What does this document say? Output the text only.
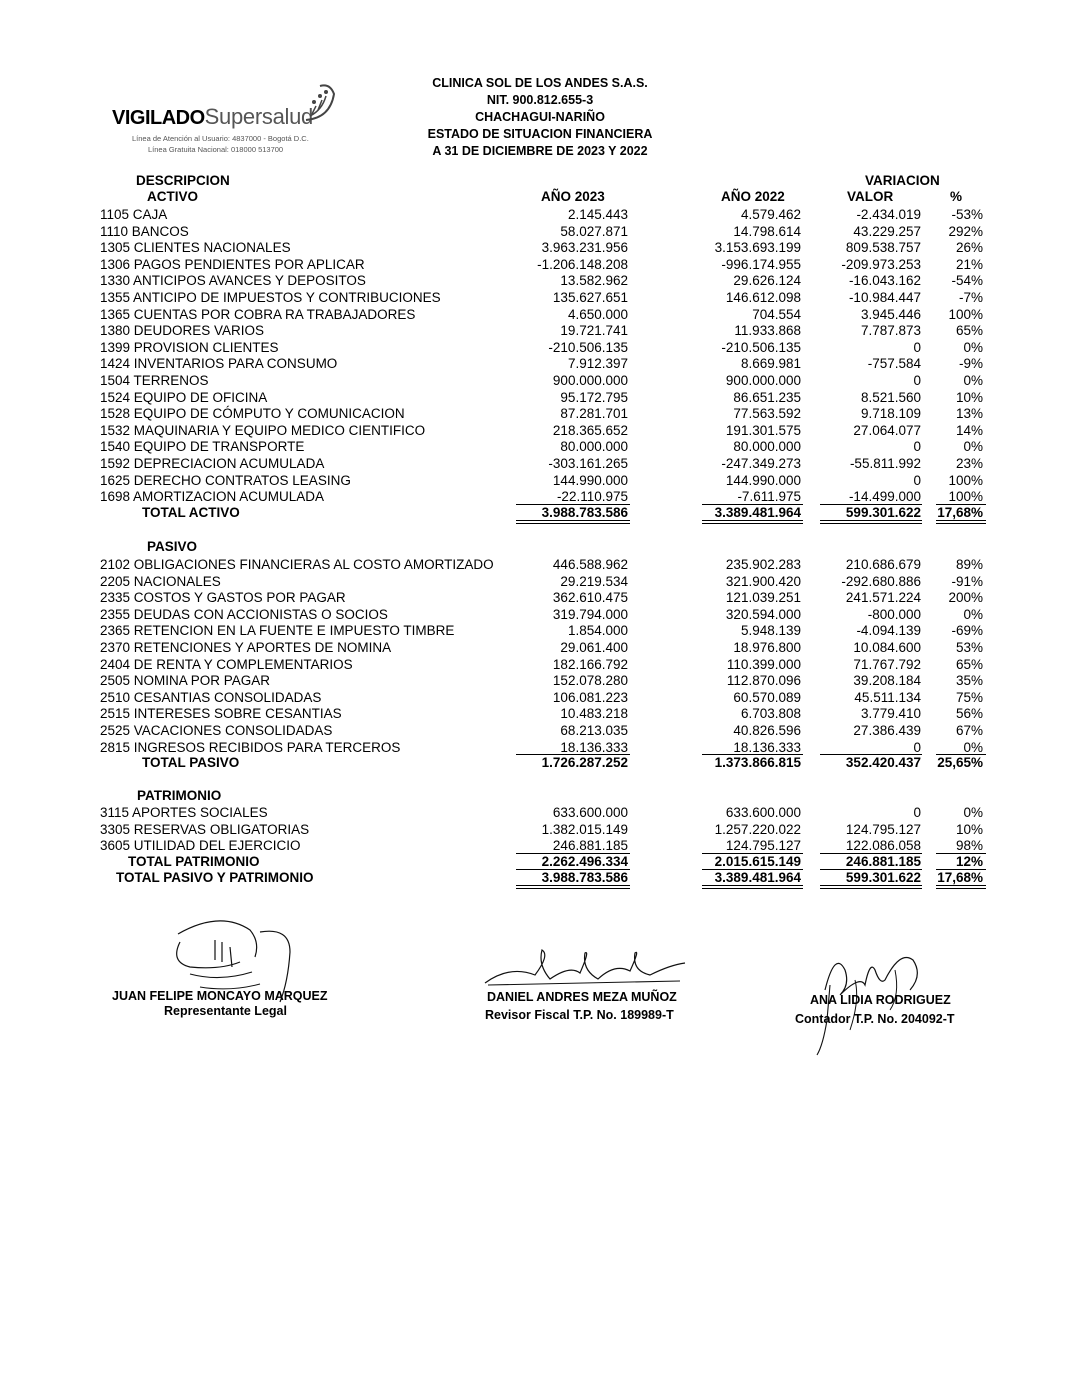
VIGILADOSupersalud
Línea de Atención al Usuario: 4837000 - Bogotá D.C.
Línea Gratuita Nacional: 018000 513700
CLINICA SOL DE LOS ANDES S.A.S.
NIT. 900.812.655-3
CHACHAGUI-NARIÑO
ESTADO DE SITUACION FINANCIERA
A 31 DE DICIEMBRE DE 2023 Y 2022
DESCRIPCION	VARIACION
ACTIVO	AÑO 2023	AÑO 2022	VALOR	%
1105 CAJA	2.145.443	4.579.462	-2.434.019 -53%
1110 BANCOS	58.027.871	14.798.614	43.229.257 292%
1305 CLIENTES NACIONALES	3.963.231.956	3.153.693.199	809.538.757	26%
1306 PAGOS PENDIENTES POR APLICAR	-1.206.148.208	-996.174.955	-209.973.253	21%
1330 ANTICIPOS AVANCES Y DEPOSITOS	13.582.962	29.626.124	-16.043.162 -54%
1355 ANTICIPO DE IMPUESTOS Y CONTRIBUCIONES	135.627.651	146.612.098	-10.984.447	-7%
1365 CUENTAS POR COBRA RA TRABAJADORES	4.650.000	704.554	3.945.446 100%
1380 DEUDORES VARIOS	19.721.741	11.933.868	7.787.873	65%
1399 PROVISION CLIENTES	-210.506.135	-210.506.135	0	0%
1424 INVENTARIOS PARA CONSUMO	7.912.397	8.669.981	-757.584	-9%
1504 TERRENOS	900.000.000	900.000.000	0	0%
1524 EQUIPO DE OFICINA	95.172.795	86.651.235	8.521.560	10%
1528 EQUIPO DE CÓMPUTO Y COMUNICACION	87.281.701	77.563.592	9.718.109	13%
1532 MAQUINARIA Y EQUIPO MEDICO CIENTIFICO	218.365.652	191.301.575	27.064.077	14%
1540 EQUIPO DE TRANSPORTE	80.000.000	80.000.000	0	0%
1592 DEPRECIACION ACUMULADA	-303.161.265	-247.349.273	-55.811.992	23%
1625 DERECHO CONTRATOS LEASING	144.990.000	144.990.000	0 100%
1698 AMORTIZACION ACUMULADA	-22.110.975	-7.611.975	-14.499.000 100%
TOTAL ACTIVO	3.988.783.586	3.389.481.964	599.301.622 17,68%
PASIVO
2102 OBLIGACIONES FINANCIERAS AL COSTO AMORTIZADO	446.588.962	235.902.283	210.686.679	89%
2205 NACIONALES	29.219.534	321.900.420	-292.680.886 -91%
2335 COSTOS Y GASTOS POR PAGAR	362.610.475	121.039.251	241.571.224 200%
2355 DEUDAS CON ACCIONISTAS O SOCIOS	319.794.000	320.594.000	-800.000	0%
2365 RETENCION EN LA FUENTE E IMPUESTO TIMBRE	1.854.000	5.948.139	-4.094.139 -69%
2370 RETENCIONES Y APORTES DE NOMINA	29.061.400	18.976.800	10.084.600	53%
2404 DE RENTA Y COMPLEMENTARIOS	182.166.792	110.399.000	71.767.792	65%
2505 NOMINA POR PAGAR	152.078.280	112.870.096	39.208.184	35%
2510 CESANTIAS CONSOLIDADAS	106.081.223	60.570.089	45.511.134	75%
2515 INTERESES SOBRE CESANTIAS	10.483.218	6.703.808	3.779.410	56%
2525 VACACIONES CONSOLIDADAS	68.213.035	40.826.596	27.386.439	67%
2815 INGRESOS RECIBIDOS PARA TERCEROS	18.136.333	18.136.333	0	0%
TOTAL PASIVO	1.726.287.252	1.373.866.815	352.420.437 25,65%
PATRIMONIO
3115 APORTES SOCIALES	633.600.000	633.600.000	0	0%
3305 RESERVAS OBLIGATORIAS	1.382.015.149	1.257.220.022	124.795.127	10%
3605 UTILIDAD DEL EJERCICIO	246.881.185	124.795.127	122.086.058	98%
TOTAL PATRIMONIO	2.262.496.334	2.015.615.149	246.881.185	12%
TOTAL PASIVO Y PATRIMONIO	3.988.783.586	3.389.481.964	599.301.622 17,68%
JUAN FELIPE MONCAYO MARQUEZ
Representante Legal
DANIEL ANDRES MEZA MUÑOZ
Revisor Fiscal T.P. No. 189989-T
ANA LIDIA RODRIGUEZ
Contador T.P. No. 204092-T
